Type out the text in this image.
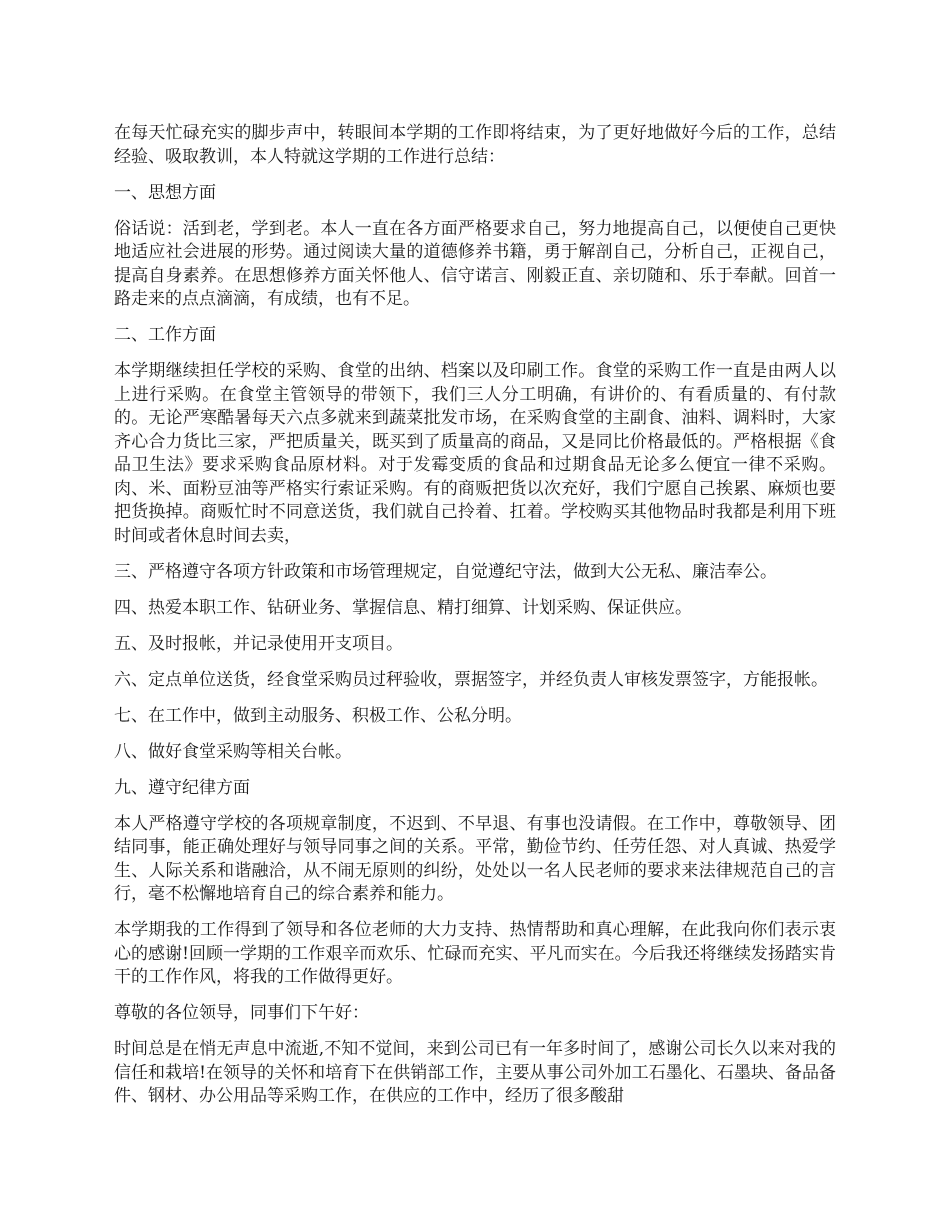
在每天忙碌充实的脚步声中，转眼间本学期的工作即将结束，为了更好地做好今后的工作，总结经验、吸取教训，本人特就这学期的工作进行总结：

一、思想方面

俗话说：活到老，学到老。本人一直在各方面严格要求自己，努力地提高自己，以便使自己更快地适应社会进展的形势。通过阅读大量的道德修养书籍，勇于解剖自己，分析自己，正视自己，提高自身素养。在思想修养方面关怀他人、信守诺言、刚毅正直、亲切随和、乐于奉献。回首一路走来的点点滴滴，有成绩，也有不足。

二、工作方面

本学期继续担任学校的采购、食堂的出纳、档案以及印刷工作。食堂的采购工作一直是由两人以上进行采购。在食堂主管领导的带领下，我们三人分工明确，有讲价的、有看质量的、有付款的。无论严寒酷暑每天六点多就来到蔬菜批发市场，在采购食堂的主副食、油料、调料时，大家齐心合力货比三家，严把质量关，既买到了质量高的商品，又是同比价格最低的。严格根据《食品卫生法》要求采购食品原材料。对于发霉变质的食品和过期食品无论多么便宜一律不采购。肉、米、面粉豆油等严格实行索证采购。有的商贩把货以次充好，我们宁愿自己挨累、麻烦也要把货换掉。商贩忙时不同意送货，我们就自己拎着、扛着。学校购买其他物品时我都是利用下班时间或者休息时间去卖，

三、严格遵守各项方针政策和市场管理规定，自觉遵纪守法，做到大公无私、廉洁奉公。

四、热爱本职工作、钻研业务、掌握信息、精打细算、计划采购、保证供应。

五、及时报帐，并记录使用开支项目。

六、定点单位送货，经食堂采购员过秤验收，票据签字，并经负责人审核发票签字，方能报帐。

七、在工作中，做到主动服务、积极工作、公私分明。

八、做好食堂采购等相关台帐。

九、遵守纪律方面

本人严格遵守学校的各项规章制度，不迟到、不早退、有事也没请假。在工作中，尊敬领导、团结同事，能正确处理好与领导同事之间的关系。平常，勤俭节约、任劳任怨、对人真诚、热爱学生、人际关系和谐融洽，从不闹无原则的纠纷，处处以一名人民老师的要求来法律规范自己的言行，毫不松懈地培育自己的综合素养和能力。

本学期我的工作得到了领导和各位老师的大力支持、热情帮助和真心理解，在此我向你们表示衷心的感谢!回顾一学期的工作艰辛而欢乐、忙碌而充实、平凡而实在。今后我还将继续发扬踏实肯干的工作作风，将我的工作做得更好。

尊敬的各位领导，同事们下午好：

时间总是在悄无声息中流逝,不知不觉间，来到公司已有一年多时间了，感谢公司长久以来对我的信任和栽培!在领导的关怀和培育下在供销部工作，主要从事公司外加工石墨化、石墨块、备品备件、钢材、办公用品等采购工作，在供应的工作中，经历了很多酸甜
